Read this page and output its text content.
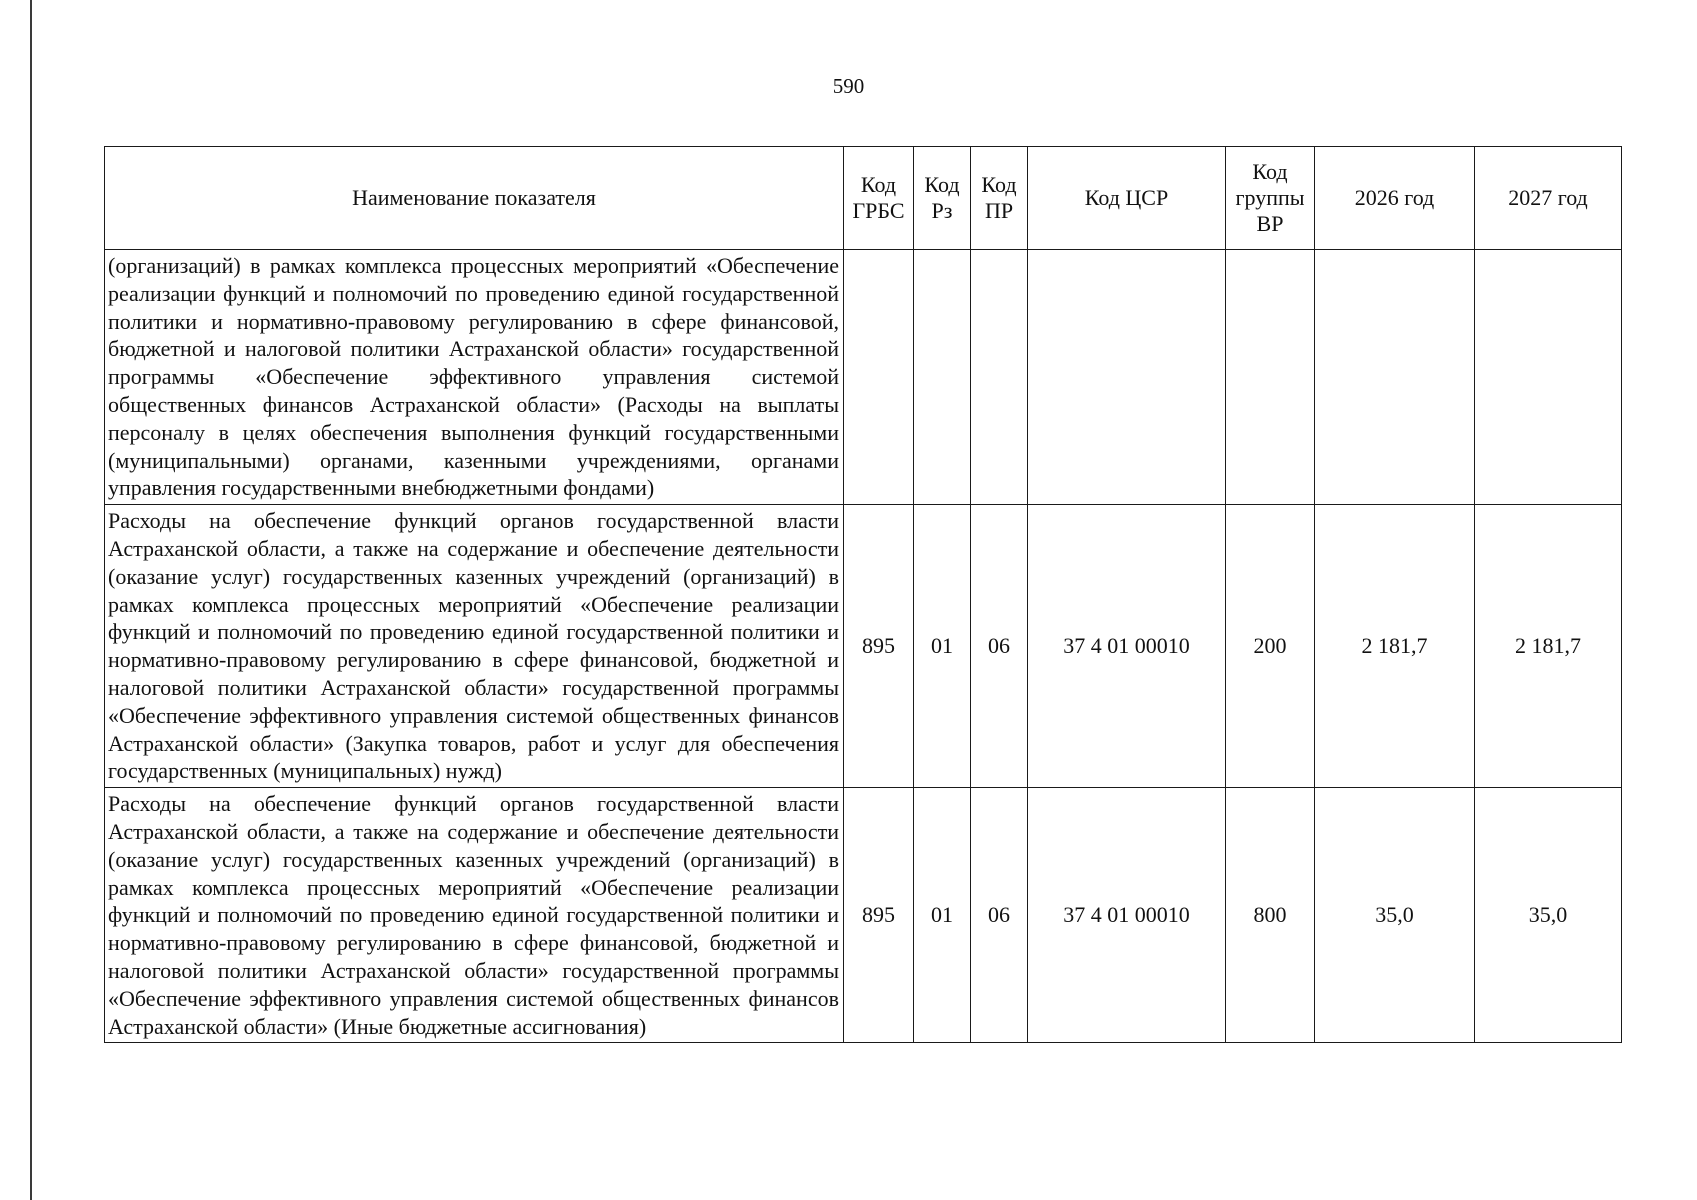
590
Наименование показателя	Код ГРБС	Код Рз	Код ПР	Код ЦСР	Код группы ВР	2026 год	2027 год
(организаций) в рамках комплекса процессных мероприятий «Обеспечение реализации функций и полномочий по проведению единой государственной политики и нормативно-правовому регулированию в сфере финансовой, бюджетной и налоговой политики Астраханской области» государственной программы «Обеспечение эффективного управления системой общественных финансов Астраханской области» (Расходы на выплаты персоналу в целях обеспечения выполнения функций государственными (муниципальными) органами, казенными учреждениями, органами управления государственными внебюджетными фондами)							
Расходы на обеспечение функций органов государственной власти Астраханской области, а также на содержание и обеспечение деятельности (оказание услуг) государственных казенных учреждений (организаций) в рамках комплекса процессных мероприятий «Обеспечение реализации функций и полномочий по проведению единой государственной политики и нормативно-правовому регулированию в сфере финансовой, бюджетной и налоговой политики Астраханской области» государственной программы «Обеспечение эффективного управления системой общественных финансов Астраханской области» (Закупка товаров, работ и услуг для обеспечения государственных (муниципальных) нужд)	895	01	06	37 4 01 00010	200	2 181,7	2 181,7
Расходы на обеспечение функций органов государственной власти Астраханской области, а также на содержание и обеспечение деятельности (оказание услуг) государственных казенных учреждений (организаций) в рамках комплекса процессных мероприятий «Обеспечение реализации функций и полномочий по проведению единой государственной политики и нормативно-правовому регулированию в сфере финансовой, бюджетной и налоговой политики Астраханской области» государственной программы «Обеспечение эффективного управления системой общественных финансов Астраханской области» (Иные бюджетные ассигнования)	895	01	06	37 4 01 00010	800	35,0	35,0
